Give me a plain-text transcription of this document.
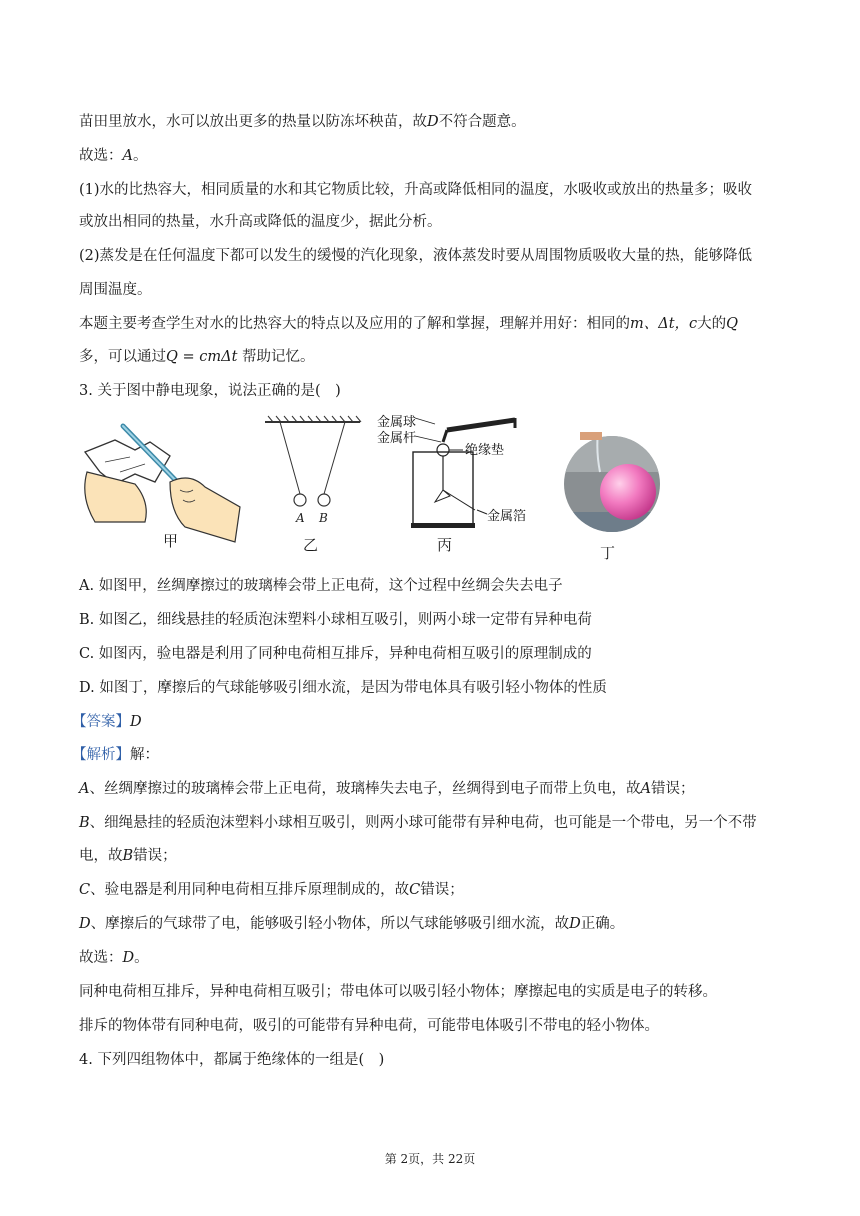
苗田里放水，水可以放出更多的热量以防冻坏秧苗，故D不符合题意。
故选：A。
(1)水的比热容大，相同质量的水和其它物质比较，升高或降低相同的温度，水吸收或放出的热量多；吸收
或放出相同的热量，水升高或降低的温度少，据此分析。
(2)蒸发是在任何温度下都可以发生的缓慢的汽化现象，液体蒸发时要从周围物质吸收大量的热，能够降低
周围温度。
本题主要考查学生对水的比热容大的特点以及应用的了解和掌握，理解并用好：相同的m、Δt，c大的Q
多，可以通过Q = cmΔt 帮助记忆。
3. 关于图中静电现象，说法正确的是(　)
甲
A B
乙
金属球
金属杆
绝缘垫
金属箔
丙	丁
A. 如图甲，丝绸摩擦过的玻璃棒会带上正电荷，这个过程中丝绸会失去电子
B. 如图乙，细线悬挂的轻质泡沫塑料小球相互吸引，则两小球一定带有异种电荷
C. 如图丙，验电器是利用了同种电荷相互排斥，异种电荷相互吸引的原理制成的
D. 如图丁，摩擦后的气球能够吸引细水流，是因为带电体具有吸引轻小物体的性质
【答案】D
【解析】解：
A、丝绸摩擦过的玻璃棒会带上正电荷，玻璃棒失去电子，丝绸得到电子而带上负电，故A错误；
B、细绳悬挂的轻质泡沫塑料小球相互吸引，则两小球可能带有异种电荷，也可能是一个带电，另一个不带
电，故B错误；
C、验电器是利用同种电荷相互排斥原理制成的，故C错误；
D、摩擦后的气球带了电，能够吸引轻小物体，所以气球能够吸引细水流，故D正确。
故选：D。
同种电荷相互排斥，异种电荷相互吸引；带电体可以吸引轻小物体；摩擦起电的实质是电子的转移。
排斥的物体带有同种电荷，吸引的可能带有异种电荷，可能带电体吸引不带电的轻小物体。
4. 下列四组物体中，都属于绝缘体的一组是(　)
第 2页，共 22页
